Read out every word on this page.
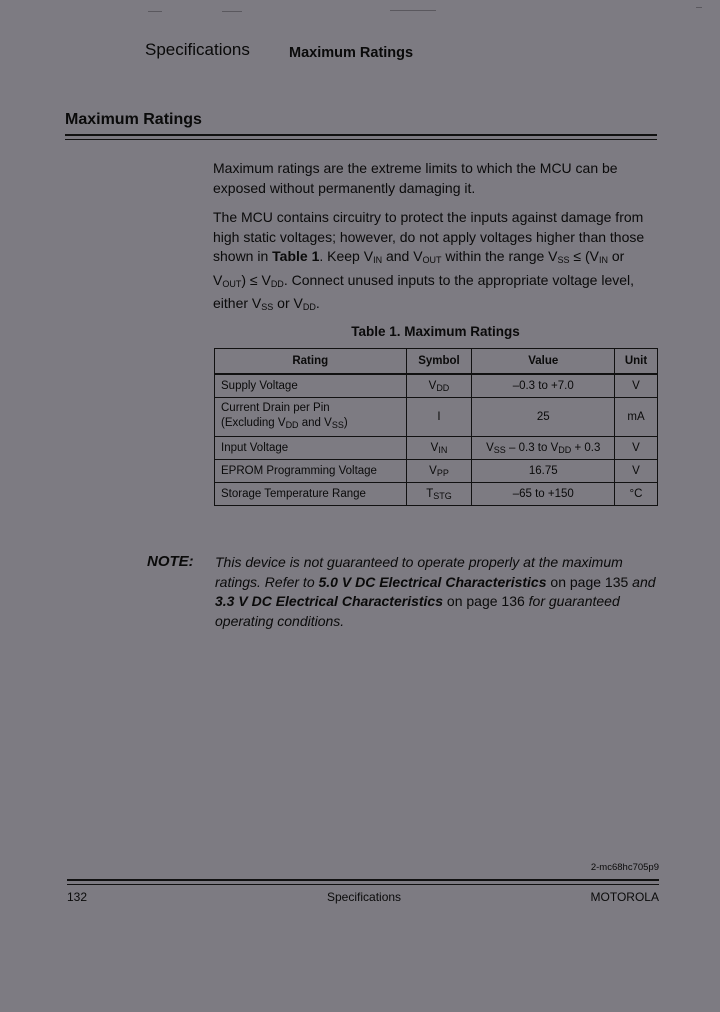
Specifications	Maximum Ratings
Maximum Ratings
Maximum ratings are the extreme limits to which the MCU can be exposed without permanently damaging it.
The MCU contains circuitry to protect the inputs against damage from high static voltages; however, do not apply voltages higher than those shown in Table 1. Keep $V_{IN}$ and $V_{OUT}$ within the range $V_{SS} \le (V_{IN}$ or $V_{OUT}) \le V_{DD}$. Connect unused inputs to the appropriate voltage level, either $V_{SS}$ or $V_{DD}$.
Table 1. Maximum Ratings
Rating	Symbol	Value	Unit
Supply Voltage	$V_{DD}$	–0.3 to +7.0	V
Current Drain per Pin
(Excluding $V_{DD}$ and $V_{SS}$)	I	25	mA
Input Voltage	$V_{IN}$	$V_{SS} - 0.3$ to $V_{DD} + 0.3$	V
EPROM Programming Voltage	$V_{PP}$	16.75	V
Storage Temperature Range	$T_{STG}$	–65 to +150	°C
NOTE: This device is not guaranteed to operate properly at the maximum ratings. Refer to 5.0 V DC Electrical Characteristics on page 135 and 3.3 V DC Electrical Characteristics on page 136 for guaranteed operating conditions.
2-mc68hc705p9
132	Specifications	MOTOROLA
